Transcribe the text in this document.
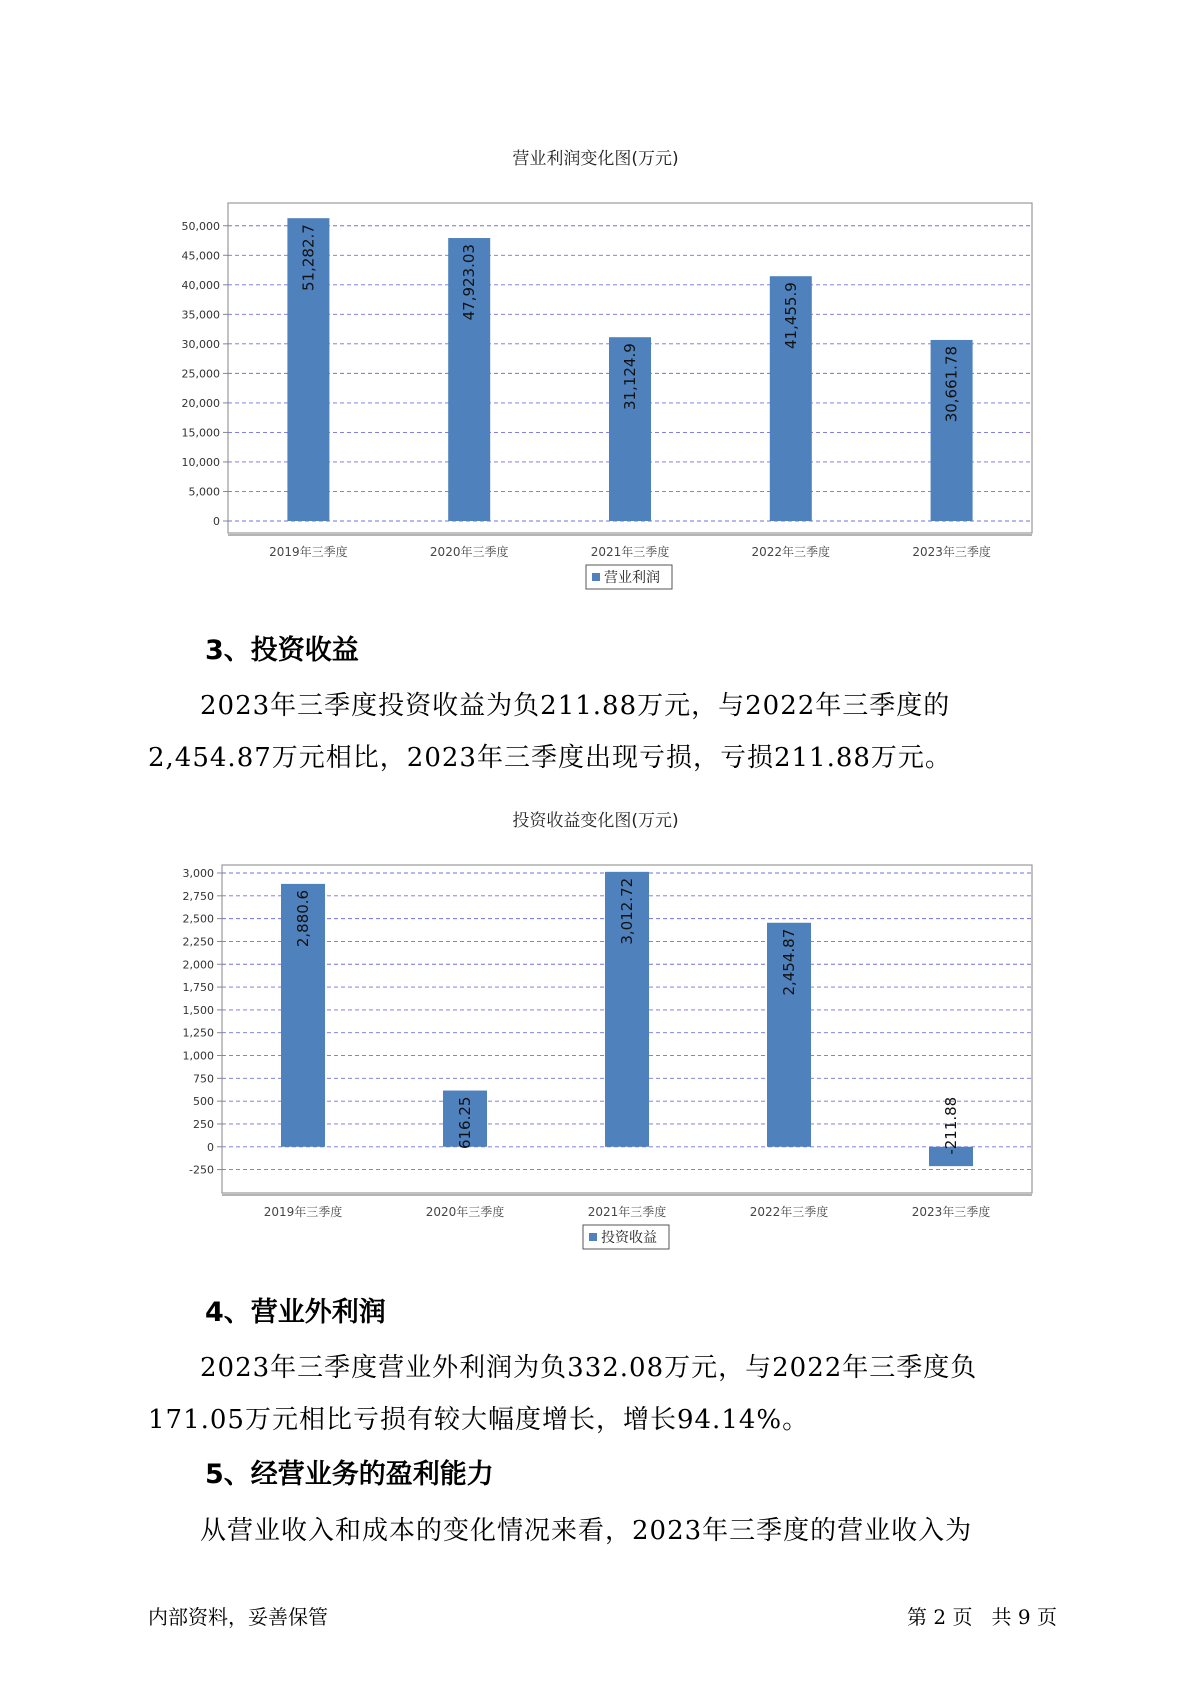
营业利润变化图(万元)
0
5,000
10,000
15,000
20,000
25,000
30,000
35,000
40,000
45,000
50,000	51,282.7
2019年三季度
47,923.03
2020年三季度
31,124.9
2021年三季度
41,455.9
2022年三季度
30,661.78
2023年三季度
营业利润
3、投资收益
2023年三季度投资收益为负211.88万元，与2022年三季度的2,454.87万元相比，2023年三季度出现亏损，亏损211.88万元。
投资收益变化图(万元)
-250
0
250
500
750
1,000
1,250
1,500
1,750
2,000
2,250
2,500
2,750
3,000
2,880.6
2019年三季度
616.25
2020年三季度
3,012.72
2021年三季度
2,454.87
2022年三季度
-211.88
2023年三季度
投资收益
4、营业外利润
2023年三季度营业外利润为负332.08万元，与2022年三季度负171.05万元相比亏损有较大幅度增长，增长94.14%。
5、经营业务的盈利能力
从营业收入和成本的变化情况来看，2023年三季度的营业收入为
内部资料，妥善保管	第 2 页   共 9 页
